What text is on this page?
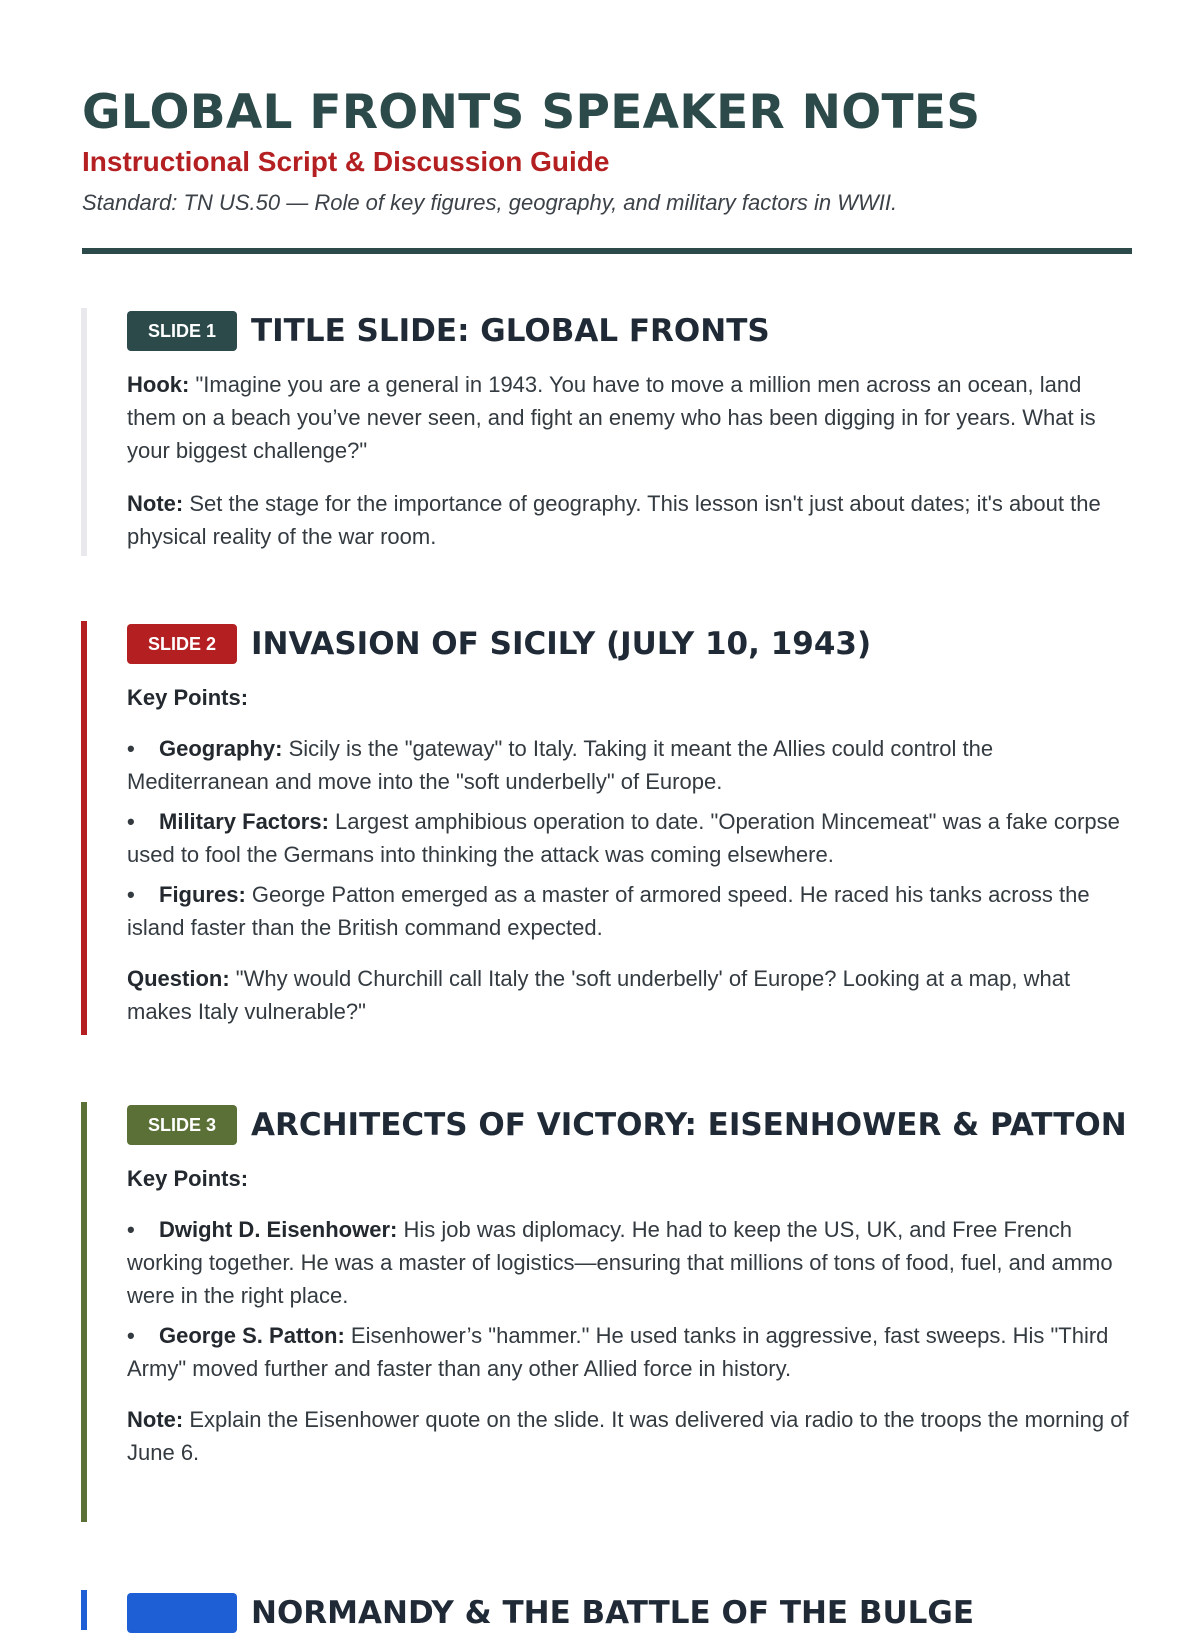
GLOBAL FRONTS SPEAKER NOTES
Instructional Script & Discussion Guide
Standard: TN US.50 — Role of key figures, geography, and military factors in WWII.
SLIDE 1	TITLE SLIDE: GLOBAL FRONTS

Hook: "Imagine you are a general in 1943. You have to move a million men across an ocean, land them on a beach you’ve never seen, and fight an enemy who has been digging in for years. What is your biggest challenge?"

Note: Set the stage for the importance of geography. This lesson isn't just about dates; it's about the physical reality of the war room.

SLIDE 2	INVASION OF SICILY (JULY 10, 1943)

Key Points:

• Geography: Sicily is the "gateway" to Italy. Taking it meant the Allies could control the Mediterranean and move into the "soft underbelly" of Europe.
• Military Factors: Largest amphibious operation to date. "Operation Mincemeat" was a fake corpse used to fool the Germans into thinking the attack was coming elsewhere.
• Figures: George Patton emerged as a master of armored speed. He raced his tanks across the island faster than the British command expected.

Question: "Why would Churchill call Italy the 'soft underbelly' of Europe? Looking at a map, what makes Italy vulnerable?"

SLIDE 3	ARCHITECTS OF VICTORY: EISENHOWER & PATTON

Key Points:

• Dwight D. Eisenhower: His job was diplomacy. He had to keep the US, UK, and Free French working together. He was a master of logistics—ensuring that millions of tons of food, fuel, and ammo were in the right place.
• George S. Patton: Eisenhower’s "hammer." He used tanks in aggressive, fast sweeps. His "Third Army" moved further and faster than any other Allied force in history.

Note: Explain the Eisenhower quote on the slide. It was delivered via radio to the troops the morning of June 6.

NORMANDY & THE BATTLE OF THE BULGE
